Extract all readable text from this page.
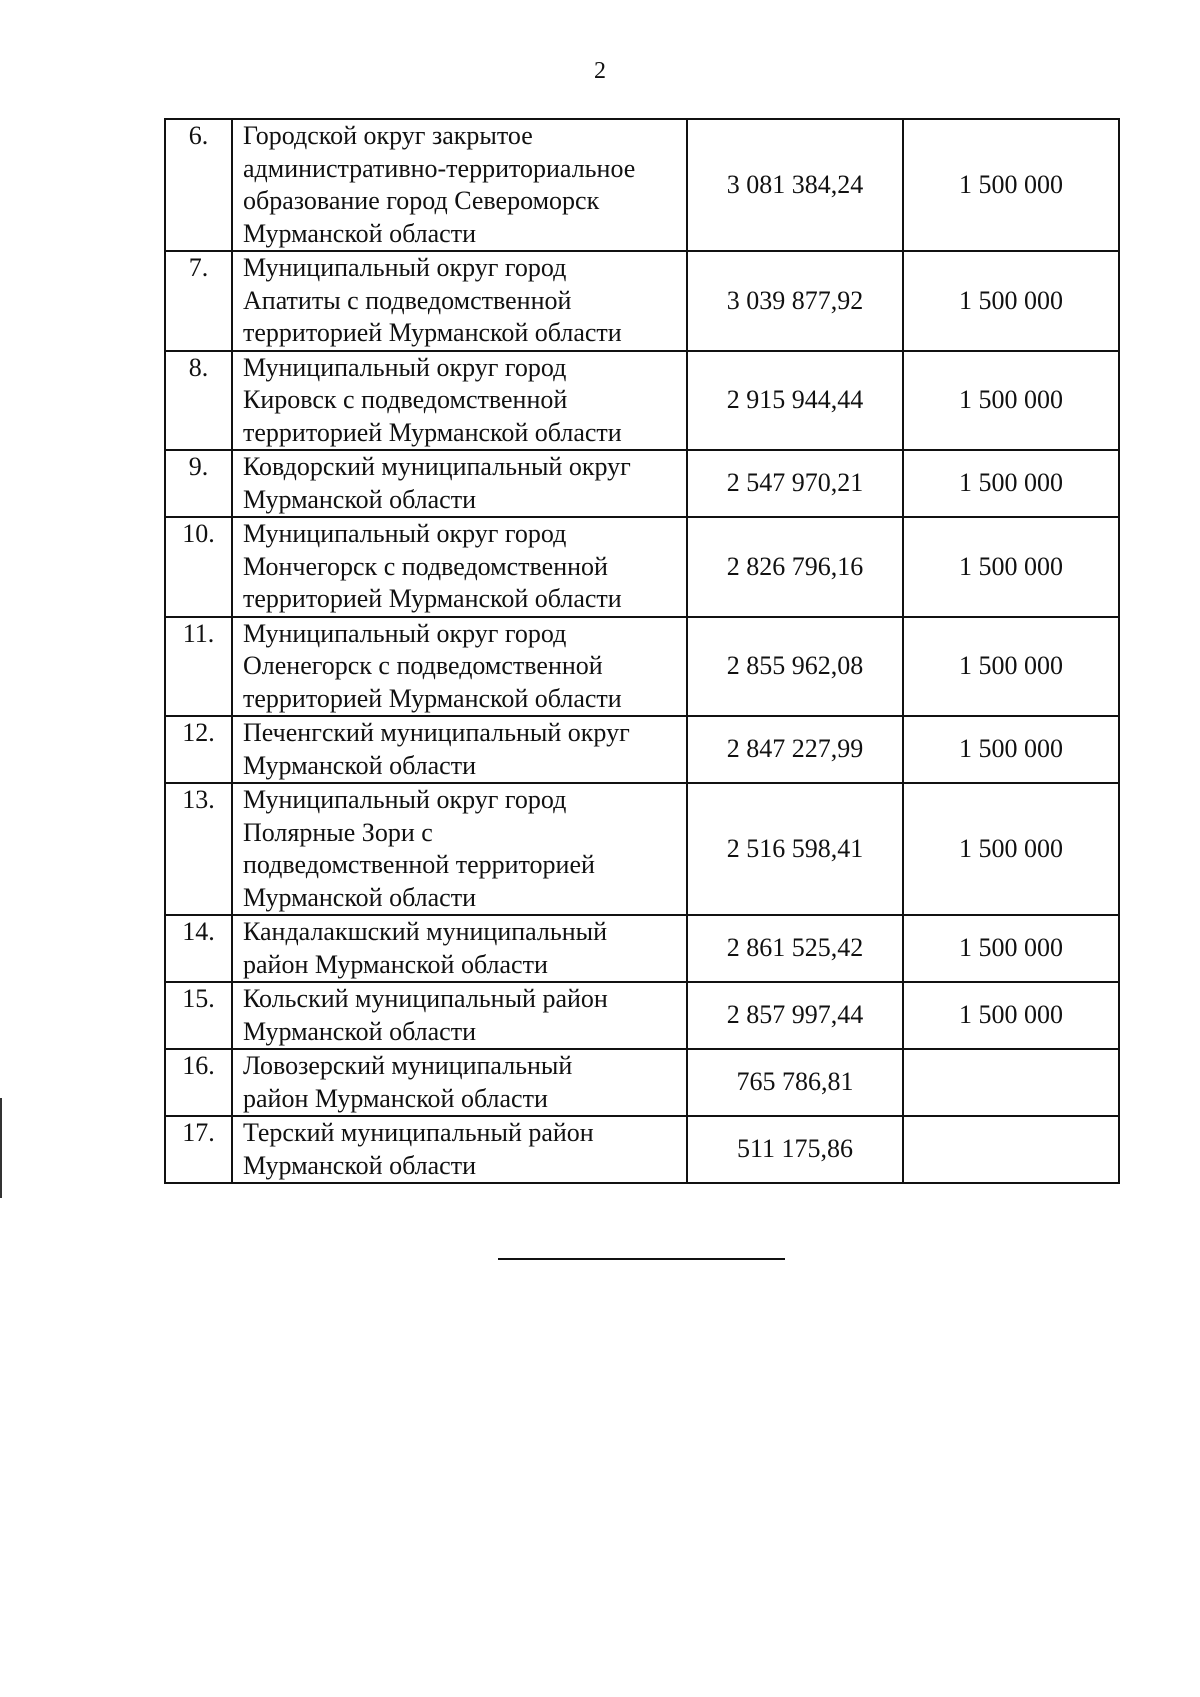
2
6.	Городской округ закрытое
административно-территориальное
образование город Североморск
Мурманской области	3 081 384,24	1 500 000
7.	Муниципальный округ город
Апатиты с подведомственной
территорией Мурманской области	3 039 877,92	1 500 000
8.	Муниципальный округ город
Кировск с подведомственной
территорией Мурманской области	2 915 944,44	1 500 000
9.	Ковдорский муниципальный округ
Мурманской области	2 547 970,21	1 500 000
10.	Муниципальный округ город
Мончегорск с подведомственной
территорией Мурманской области	2 826 796,16	1 500 000
11.	Муниципальный округ город
Оленегорск с подведомственной
территорией Мурманской области	2 855 962,08	1 500 000
12.	Печенгский муниципальный округ
Мурманской области	2 847 227,99	1 500 000
13.	Муниципальный округ город
Полярные Зори с
подведомственной территорией
Мурманской области	2 516 598,41	1 500 000
14.	Кандалакшский муниципальный
район Мурманской области	2 861 525,42	1 500 000
15.	Кольский муниципальный район
Мурманской области	2 857 997,44	1 500 000
16.	Ловозерский муниципальный
район Мурманской области	765 786,81	
17.	Терский муниципальный район
Мурманской области	511 175,86	
